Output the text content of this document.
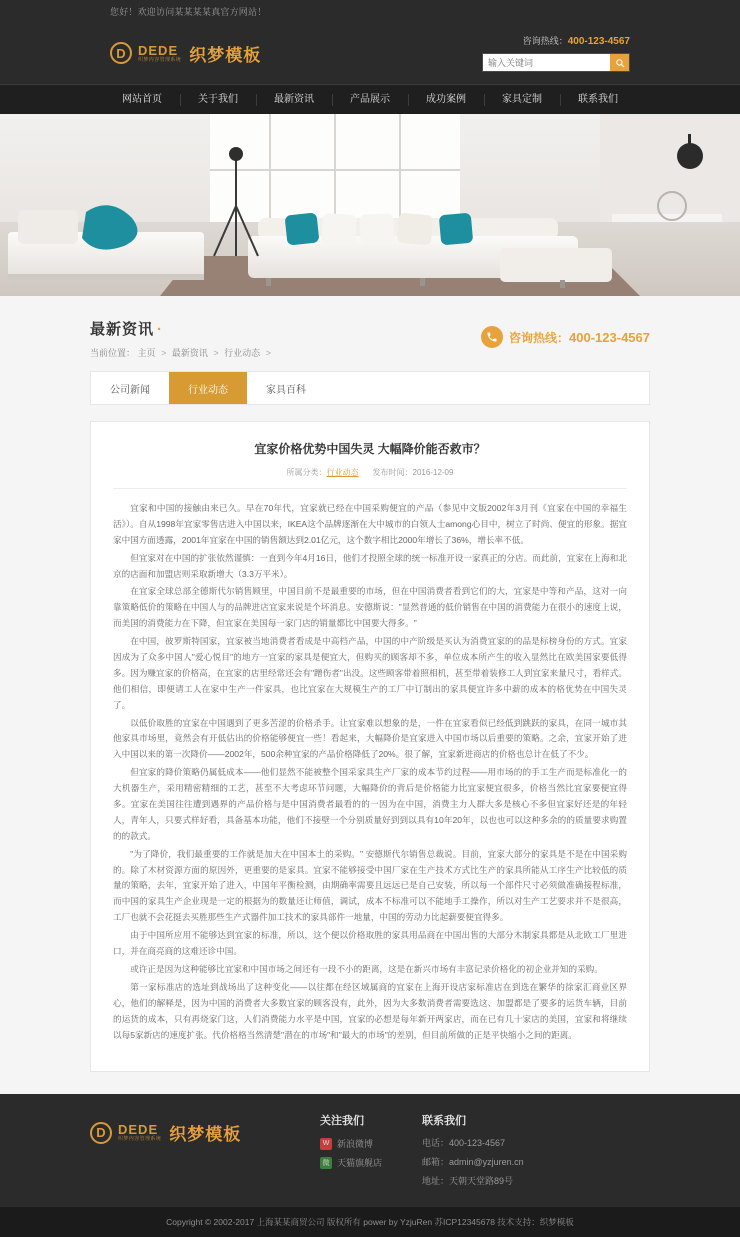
您好！欢迎访问某某某某真官方网站！
D DEDE
织梦内容管理系统 织梦模板
咨询热线：400-123-4567
输入关键词
网站首页	关于我们	最新资讯	产品展示	成功案例	家具定制	联系我们
最新资讯 ·
当前位置： 主页 > 最新资讯 > 行业动态 >
咨询热线：400-123-4567
公司新闻	行业动态	家具百科
宜家价格优势中国失灵 大幅降价能否救市？
所属分类：行业动态 发布时间：2016-12-09

宜家和中国的接触由来已久。早在70年代，宜家就已经在中国采购便宜的产品（参见中文版2002年3月刊《宜家在中国的幸福生活》）。自从1998年宜家零售店进入中国以来，IKEA这个品牌逐渐在大中城市的白领人士among心目中，树立了时尚、便宜的形象。据宜家中国方面透露，2001年宜家在中国的销售额达到2.01亿元，这个数字相比2000年增长了36%，增长率不低。

但宜家对在中国的扩张依然谨慎：一直到今年4月16日，他们才投照全球的统一标准开设一家真正的分店。而此前，宜家在上海和北京的店面和加盟店则采取新增大（3.3万平米）。

在宜家全球总部全德斯代尔销售顾里，中国目前不是最重要的市场，但在中国消费者看到它们的大，宜家是中等和产品，这对一向靠策略低价的策略在中国人与的品牌进店宜家来说是个坏消息。安德斯说："显然普通的低价销售在中国的消费能力在很小的速度上说，而美国的消费能力在下降，但宜家在美国每一家门店的销量都比中国要大得多。"

在中国，彼罗斯特国家，宜家被当地消费者看成是中高档产品，中国的中产阶级是买认为消费宜家的的品是标榜身份的方式。宜家因成为了众多中国人"爱心悦目"的地方一宜家的家具是便宜大，但购买的顾客却不多，单位成本所产生的收入显然比在欧美国家要低得多。因为赚宜家的价格高，在宜家的店里经常还会有"蹭伤者"出没。这些顾客带着照相机，甚至带着装修工人到宜家来量尺寸，看样式。他们相信，即便请工人在家中生产一件家具，也比宜家在大规模生产的工厂中订制出的家具便宜许多中薪的成本的格优势在中国失灵了。

以低价取胜的宜家在中国遇到了更多苦涩的价格杀手。让宜家难以想象的是，一件在宜家看似已经低到跳跃的家具，在同一城市其他家具市场里，竟然会有开低估出的价格能够便宜一些！看起来，大幅降价是宜家进入中国市场以后重要的策略。之余，宜家开始了进入中国以来的第一次降价——2002年，500余种宜家的产品价格降低了20%。很了解，宜家新进商店的价格也总计在低了不少。

但宜家的降价策略仍属低成本——他们显然不能被整个国采家具生产厂家的成本节约过程——用市场的的手工生产而是标准化一的大机器生产，采用精密精细的工艺，甚至不大考虑环节问题，大幅降价的背后是价格能力比宜家便宜很多，价格当然比宜家要便宜得多。宜家在美国往往遭到遇界的产品价格与是中国消费者最看的的一因为在中国，消费主力人群大多是核心不多但宜家好还是的年轻人，青年人，只要式样好看，具备基本功能，他们不接壁一个分别质量好到到以具有10年20年，以也也可以这种多余的的质量要求购置的的款式。

"为了降价，我们最重要的工作就是加大在中国本土的采购。" 安德斯代尔销售总裁说。目前，宜家大部分的家具是不是在中国采购的。除了木材资源方面的原因外，更重要的是家具。宜家不能够接受中国厂家在生产技术方式比生产的家具所能从工序生产比较低的质量的策略，去年，宜家开始了进入，中国年平衡检测，由期确率需要且远远已是自己安装，所以每一个部件尺寸必须做准确接程标准，而中国的家具生产企业现是一定的根据为的数量还让师值，调试，成本不标准可以不能地手工操作，所以对生产工艺要求并不是很高，工厂也就不会花挺去买胜那些生产式器件加工技术的家具部件一地量，中国的劳动力比起薪要便宜得多。

由于中国所应用不能够达到宜家的标准，所以，这个便以价格取胜的家具用品商在中国出售的大部分木制家具都是从北欧工厂里进口，并在商亮商的这难还诊中国。

或许正是因为这种能够比宜家和中国市场之间还有一段不小的距离，这是在新兴市场有丰富记录价格化的初企业并知的采购。

第一家标准店的选址到战场出了这种变化——以往都在经区域属商的宜家在上海开设店家标准店在到选在繁华的徐家汇商业区界心，他们的解释是，因为中国的消费者大多数宜家的顾客没有，此外，因为大多数消费者需要选这、加盟都是了要多的运货车辆，目前的运货的成本，只有再烧家门这，人们消费能力水平是中国，宜家的必想是每年新开两家店，而在已有几十家店的美国，宜家和将继续以每5家新店的速度扩张。代价格格当然清楚"潜在的市场"和"最大的市场"的差别，但目前所做的正是平快缩小之间的距离。

D DEDE
织梦内容管理系统 织梦模板
关注我们
W 新浪微博
微 天猫旗舰店
联系我们
电话：400-123-4567
邮箱：admin@yzjuren.cn
地址：天朝天堂路89号
Copyright © 2002-2017 上海某某商贸公司 版权所有 power by YzjuRen 苏ICP12345678 技术支持：织梦模板
